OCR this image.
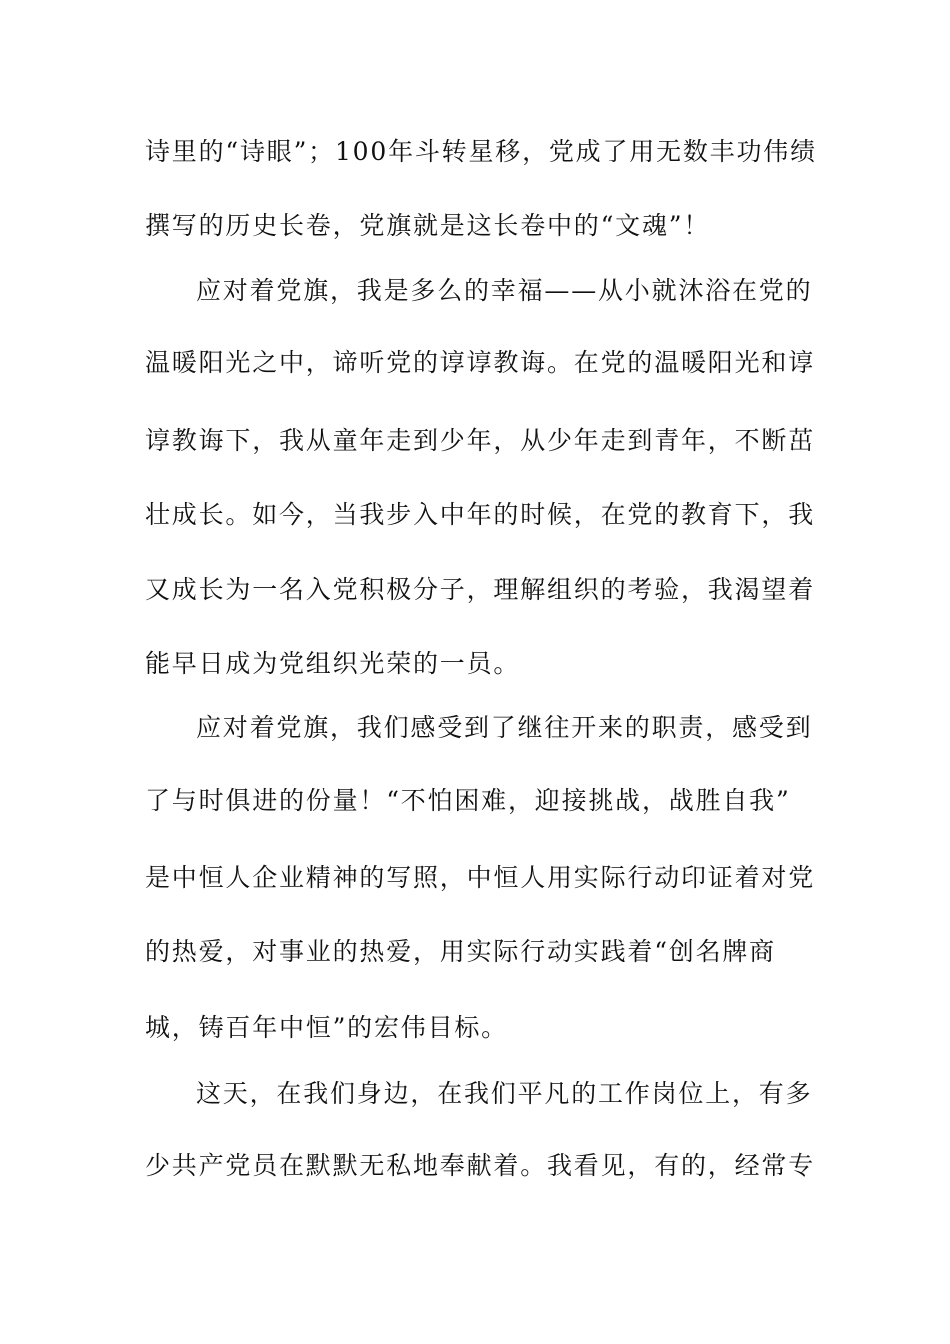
诗里的“诗眼”；100年斗转星移，党成了用无数丰功伟绩

撰写的历史长卷，党旗就是这长卷中的“文魂”！

应对着党旗，我是多么的幸福——从小就沐浴在党的

温暖阳光之中，谛听党的谆谆教诲。在党的温暖阳光和谆

谆教诲下，我从童年走到少年，从少年走到青年，不断茁

壮成长。如今，当我步入中年的时候，在党的教育下，我

又成长为一名入党积极分子，理解组织的考验，我渴望着

能早日成为党组织光荣的一员。

应对着党旗，我们感受到了继往开来的职责，感受到

了与时俱进的份量！“不怕困难，迎接挑战，战胜自我”

是中恒人企业精神的写照，中恒人用实际行动印证着对党

的热爱，对事业的热爱，用实际行动实践着“创名牌商

城，铸百年中恒”的宏伟目标。

这天，在我们身边，在我们平凡的工作岗位上，有多

少共产党员在默默无私地奉献着。我看见，有的，经常专
